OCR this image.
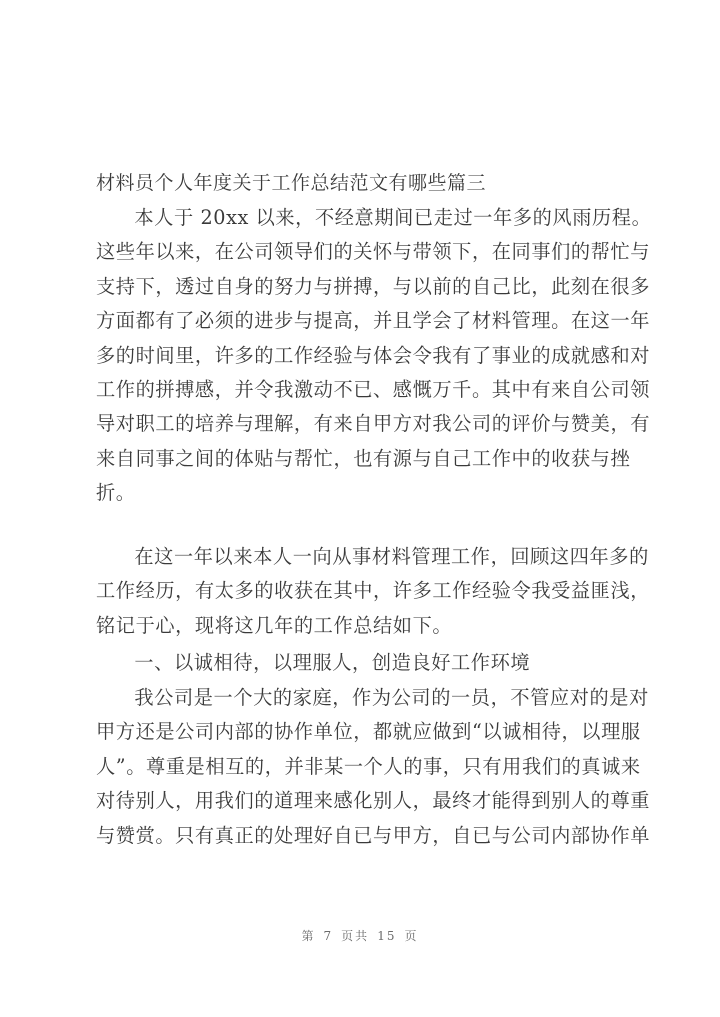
材料员个人年度关于工作总结范文有哪些篇三
本人于 20xx 以来，不经意期间已走过一年多的风雨历程。
这些年以来，在公司领导们的关怀与带领下，在同事们的帮忙与
支持下，透过自身的努力与拼搏，与以前的自己比，此刻在很多
方面都有了必须的进步与提高，并且学会了材料管理。在这一年
多的时间里，许多的工作经验与体会令我有了事业的成就感和对
工作的拼搏感，并令我激动不已、感慨万千。其中有来自公司领
导对职工的培养与理解，有来自甲方对我公司的评价与赞美，有
来自同事之间的体贴与帮忙，也有源与自己工作中的收获与挫
折。
在这一年以来本人一向从事材料管理工作，回顾这四年多的
工作经历，有太多的收获在其中，许多工作经验令我受益匪浅，
铭记于心，现将这几年的工作总结如下。
一、以诚相待，以理服人，创造良好工作环境
我公司是一个大的家庭，作为公司的一员，不管应对的是对
甲方还是公司内部的协作单位，都就应做到“以诚相待，以理服
人”。尊重是相互的，并非某一个人的事，只有用我们的真诚来
对待别人，用我们的道理来感化别人，最终才能得到别人的尊重
与赞赏。只有真正的处理好自已与甲方，自已与公司内部协作单
第 7 页共 15 页
